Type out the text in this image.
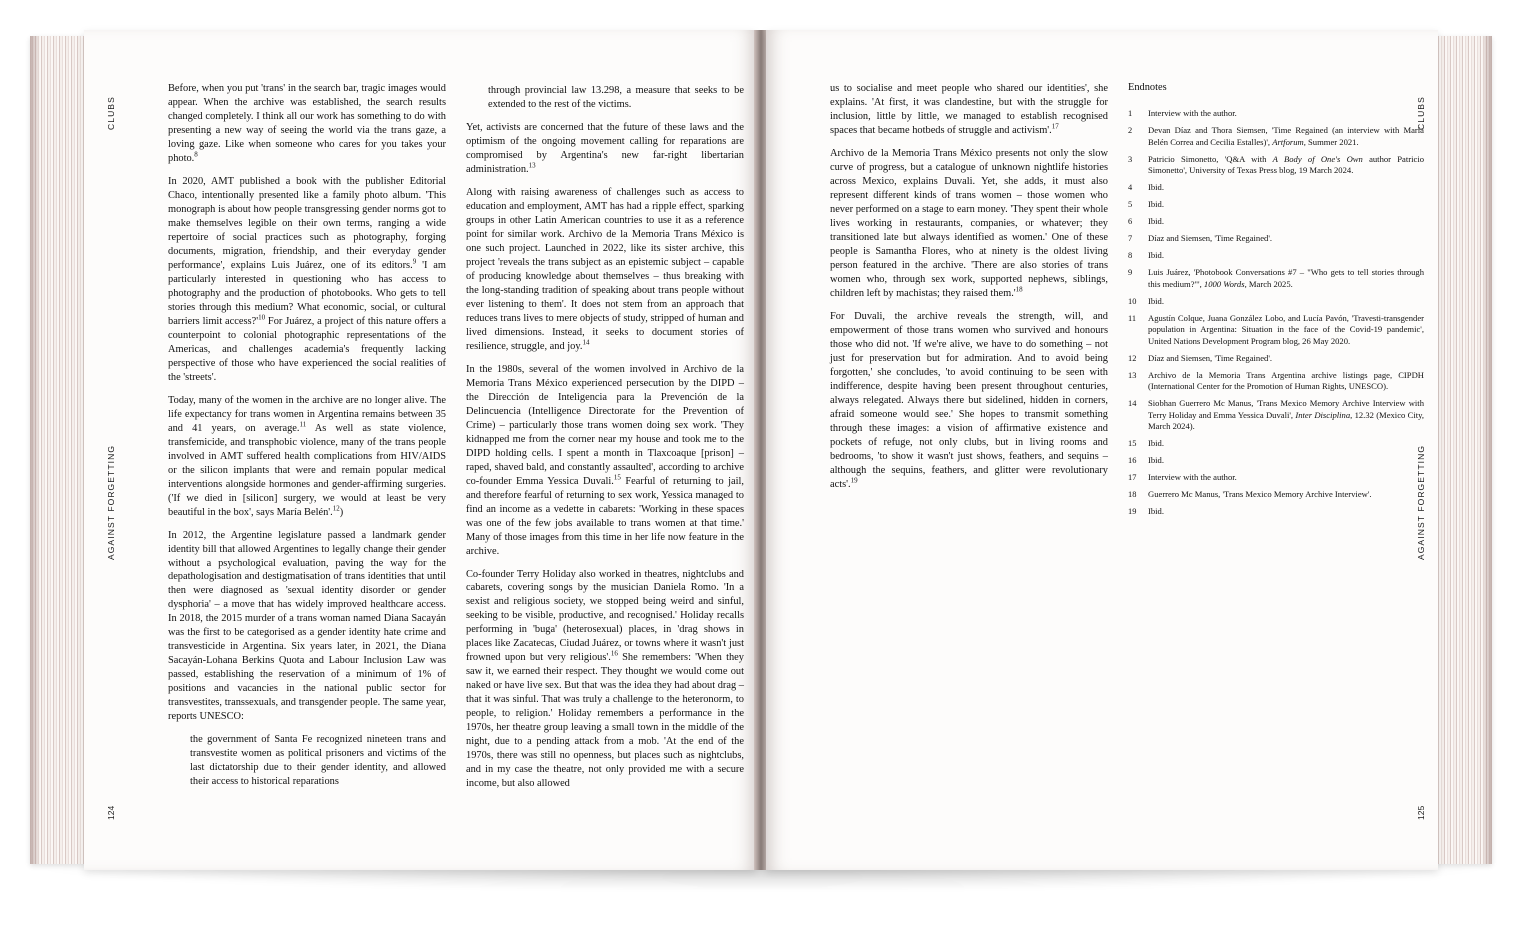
CLUBS
AGAINST FORGETTING
124

Before, when you put 'trans' in the search bar, tragic images would appear. When the archive was established, the search results changed completely. I think all our work has something to do with presenting a new way of seeing the world via the trans gaze, a loving gaze. Like when someone who cares for you takes your photo.$^8$

In 2020, AMT published a book with the publisher Editorial Chaco, intentionally presented like a family photo album. 'This monograph is about how people transgressing gender norms got to make themselves legible on their own terms, ranging a wide repertoire of social practices such as photography, forging documents, migration, friendship, and their everyday gender performance', explains Luis Juárez, one of its editors.$^9$ 'I am particularly interested in questioning who has access to photography and the production of photobooks. Who gets to tell stories through this medium? What economic, social, or cultural barriers limit $access?'^{10}$ For Juárez, a project of this nature offers a counterpoint to colonial photographic representations of the Americas, and challenges academia's frequently lacking perspective of those who have experienced the social realities of the 'streets'.

Today, many of the women in the archive are no longer alive. The life expectancy for trans women in Argentina remains between 35 and 41 years, on average.$^{11}$ As well as state violence, transfemicide, and transphobic violence, many of the trans people involved in AMT suffered health complications from HIV/AIDS or the silicon implants that were and remain popular medical interventions alongside hormones and gender-affirming surgeries. ('If we died in [silicon] surgery, we would at least be very beautiful in the box', says María Belén'.$^{12}$)

In 2012, the Argentine legislature passed a landmark gender identity bill that allowed Argentines to legally change their gender without a psychological evaluation, paving the way for the depathologisation and destigmatisation of trans identities that until then were diagnosed as 'sexual identity disorder or gender dysphoria' – a move that has widely improved healthcare access. In 2018, the 2015 murder of a trans woman named Diana Sacayán was the first to be categorised as a gender identity hate crime and transvesticide in Argentina. Six years later, in 2021, the Diana Sacayán-Lohana Berkins Quota and Labour Inclusion Law was passed, establishing the reservation of a minimum of 1% of positions and vacancies in the national public sector for transvestites, transsexuals, and transgender people. The same year, reports UNESCO:

the government of Santa Fe recognized nineteen trans and transvestite women as political prisoners and victims of the last dictatorship due to their gender identity, and allowed their access to historical reparations

through provincial law 13.298, a measure that seeks to be extended to the rest of the victims.

Yet, activists are concerned that the future of these laws and the optimism of the ongoing movement calling for reparations are compromised by Argentina's new far-right libertarian administration.$^{13}$

Along with raising awareness of challenges such as access to education and employment, AMT has had a ripple effect, sparking groups in other Latin American countries to use it as a reference point for similar work. Archivo de la Memoria Trans México is one such project. Launched in 2022, like its sister archive, this project 'reveals the trans subject as an epistemic subject – capable of producing knowledge about themselves – thus breaking with the long-standing tradition of speaking about trans people without ever listening to them'. It does not stem from an approach that reduces trans lives to mere objects of study, stripped of human and lived dimensions. Instead, it seeks to document stories of resilience, struggle, and joy.$^{14}$

In the 1980s, several of the women involved in Archivo de la Memoria Trans México experienced persecution by the DIPD – the Dirección de Inteligencia para la Prevención de la Delincuencia (Intelligence Directorate for the Prevention of Crime) – particularly those trans women doing sex work. 'They kidnapped me from the corner near my house and took me to the DIPD holding cells. I spent a month in Tlaxcoaque [prison] – raped, shaved bald, and constantly assaulted', according to archive co-founder Emma Yessica Duvali.$^{15}$ Fearful of returning to jail, and therefore fearful of returning to sex work, Yessica managed to find an income as a vedette in cabarets: 'Working in these spaces was one of the few jobs available to trans women at that time.' Many of those images from this time in her life now feature in the archive.

Co-founder Terry Holiday also worked in theatres, nightclubs and cabarets, covering songs by the musician Daniela Romo. 'In a sexist and religious society, we stopped being weird and sinful, seeking to be visible, productive, and recognised.' Holiday recalls performing in 'buga' (heterosexual) places, in 'drag shows in places like Zacatecas, Ciudad Juárez, or towns where it wasn't just frowned upon but very religious'.$^{16}$ She remembers: 'When they saw it, we earned their respect. They thought we would come out naked or have live sex. But that was the idea they had about drag – that it was sinful. That was truly a challenge to the heteronorm, to people, to religion.' Holiday remembers a performance in the 1970s, her theatre group leaving a small town in the middle of the night, due to a pending attack from a mob. 'At the end of the 1970s, there was still no openness, but places such as nightclubs, and in my case the theatre, not only provided me with a secure income, but also allowed

CLUBS
AGAINST FORGETTING
125

us to socialise and meet people who shared our identities', she explains. 'At first, it was clandestine, but with the struggle for inclusion, little by little, we managed to establish recognised spaces that became hotbeds of struggle and activism'.$^{17}$

Archivo de la Memoria Trans México presents not only the slow curve of progress, but a catalogue of unknown nightlife histories across Mexico, explains Duvali. Yet, she adds, it must also represent different kinds of trans women – those women who never performed on a stage to earn money. 'They spent their whole lives working in restaurants, companies, or whatever; they transitioned late but always identified as women.' One of these people is Samantha Flores, who at ninety is the oldest living person featured in the archive. 'There are also stories of trans women who, through sex work, supported nephews, siblings, children left by machistas; they raised $them.'^{18}$

For Duvali, the archive reveals the strength, will, and empowerment of those trans women who survived and honours those who did not. 'If we're alive, we have to do something – not just for preservation but for admiration. And to avoid being forgotten,' she concludes, 'to avoid continuing to be seen with indifference, despite having been present throughout centuries, always relegated. Always there but sidelined, hidden in corners, afraid someone would see.' She hopes to transmit something through these images: a vision of affirmative existence and pockets of refuge, not only clubs, but in living rooms and bedrooms, 'to show it wasn't just shows, feathers, and sequins – although the sequins, feathers, and glitter were revolutionary acts'.$^{19}$

Endnotes
1	Interview with the author.
2	Devan Díaz and Thora Siemsen, 'Time Regained (an interview with María Belén Correa and Cecilia Estalles)', Artforum, Summer 2021.
3	Patricio Simonetto, 'Q&A with A Body of One's Own author Patricio Simonetto', University of Texas Press blog, 19 March 2024.
4	Ibid.
5	Ibid.
6	Ibid.
7	Díaz and Siemsen, 'Time Regained'.
8	Ibid.
9	Luis Juárez, 'Photobook Conversations #7 – "Who gets to tell stories through this medium?"', 1000 Words, March 2025.
10	Ibid.
11	Agustín Colque, Juana González Lobo, and Lucía Pavón, 'Travesti-transgender population in Argentina: Situation in the face of the Covid-19 pandemic', United Nations Development Program blog, 26 May 2020.
12	Díaz and Siemsen, 'Time Regained'.
13	Archivo de la Memoria Trans Argentina archive listings page, CIPDH (International Center for the Promotion of Human Rights, UNESCO).
14	Siobhan Guerrero Mc Manus, 'Trans Mexico Memory Archive Interview with Terry Holiday and Emma Yessica Duvali', Inter Disciplina, 12.32 (Mexico City, March 2024).
15	Ibid.
16	Ibid.
17	Interview with the author.
18	Guerrero Mc Manus, 'Trans Mexico Memory Archive Interview'.
19	Ibid.
